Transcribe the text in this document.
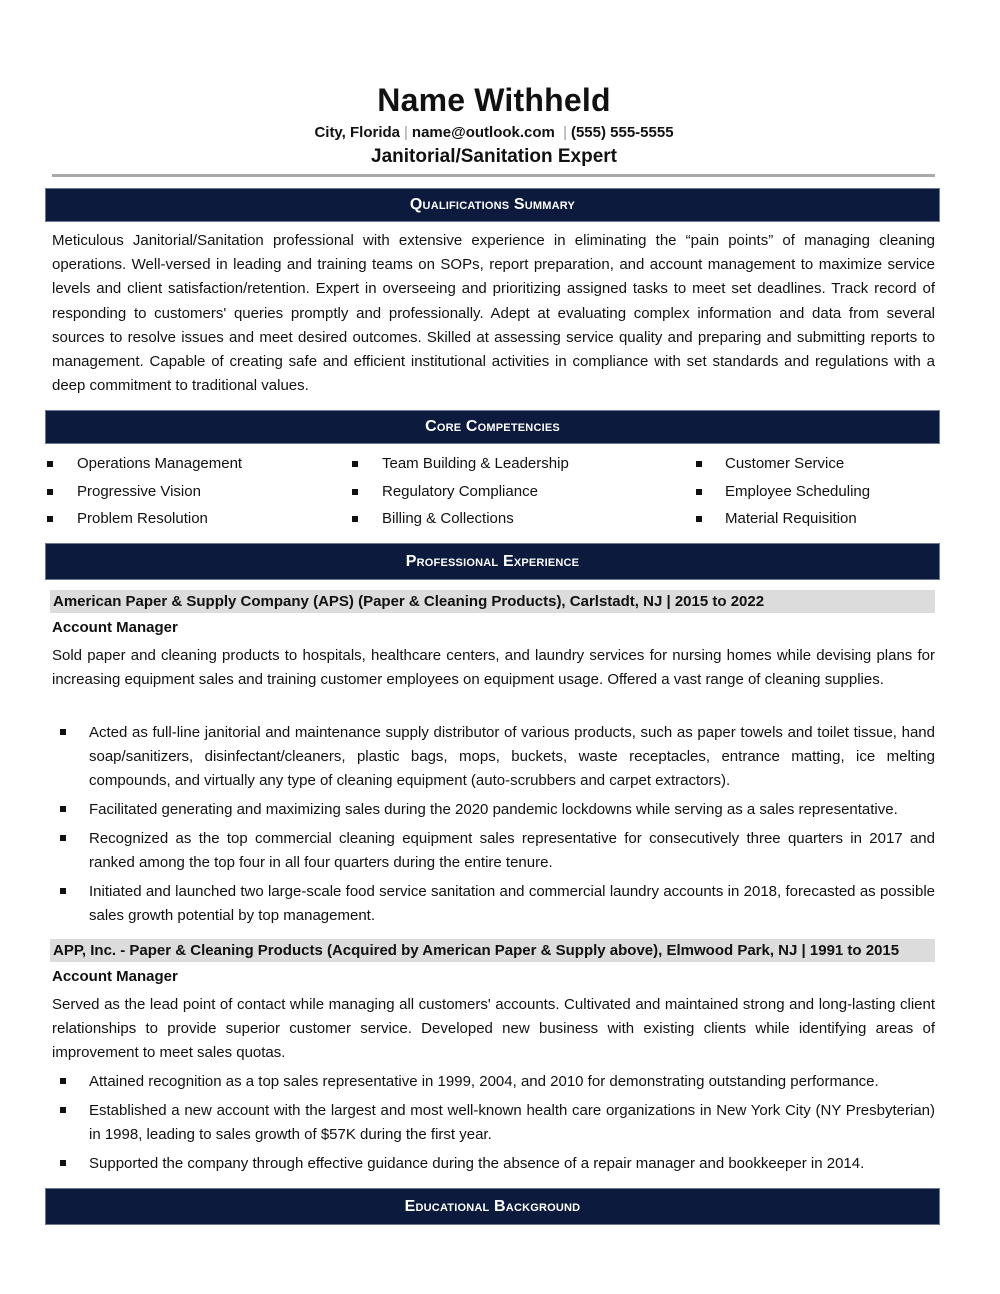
Name Withheld
City, Florida | name@outlook.com | (555) 555-5555
Janitorial/Sanitation Expert
Qualifications Summary

Meticulous Janitorial/Sanitation professional with extensive experience in eliminating the “pain points” of managing cleaning operations. Well-versed in leading and training teams on SOPs, report preparation, and account management to maximize service levels and client satisfaction/retention. Expert in overseeing and prioritizing assigned tasks to meet set deadlines. Track record of responding to customers' queries promptly and professionally. Adept at evaluating complex information and data from several sources to resolve issues and meet desired outcomes. Skilled at assessing service quality and preparing and submitting reports to management. Capable of creating safe and efficient institutional activities in compliance with set standards and regulations with a deep commitment to traditional values.

Core Competencies
Operations Management
Progressive Vision
Problem Resolution
Team Building & Leadership
Regulatory Compliance
Billing & Collections
Customer Service
Employee Scheduling
Material Requisition
Professional Experience
American Paper & Supply Company (APS) (Paper & Cleaning Products), Carlstadt, NJ | 2015 to 2022
Account Manager

Sold paper and cleaning products to hospitals, healthcare centers, and laundry services for nursing homes while devising plans for increasing equipment sales and training customer employees on equipment usage. Offered a vast range of cleaning supplies.

Acted as full-line janitorial and maintenance supply distributor of various products, such as paper towels and toilet tissue, hand soap/sanitizers, disinfectant/cleaners, plastic bags, mops, buckets, waste receptacles, entrance matting, ice melting compounds, and virtually any type of cleaning equipment (auto-scrubbers and carpet extractors).
Facilitated generating and maximizing sales during the 2020 pandemic lockdowns while serving as a sales representative.
Recognized as the top commercial cleaning equipment sales representative for consecutively three quarters in 2017 and ranked among the top four in all four quarters during the entire tenure.
Initiated and launched two large-scale food service sanitation and commercial laundry accounts in 2018, forecasted as possible sales growth potential by top management.
APP, Inc. - Paper & Cleaning Products (Acquired by American Paper & Supply above), Elmwood Park, NJ | 1991 to 2015
Account Manager

Served as the lead point of contact while managing all customers' accounts. Cultivated and maintained strong and long-lasting client relationships to provide superior customer service. Developed new business with existing clients while identifying areas of improvement to meet sales quotas.

Attained recognition as a top sales representative in 1999, 2004, and 2010 for demonstrating outstanding performance.
Established a new account with the largest and most well-known health care organizations in New York City (NY Presbyterian) in 1998, leading to sales growth of $57K during the first year.
Supported the company through effective guidance during the absence of a repair manager and bookkeeper in 2014.
Educational Background
